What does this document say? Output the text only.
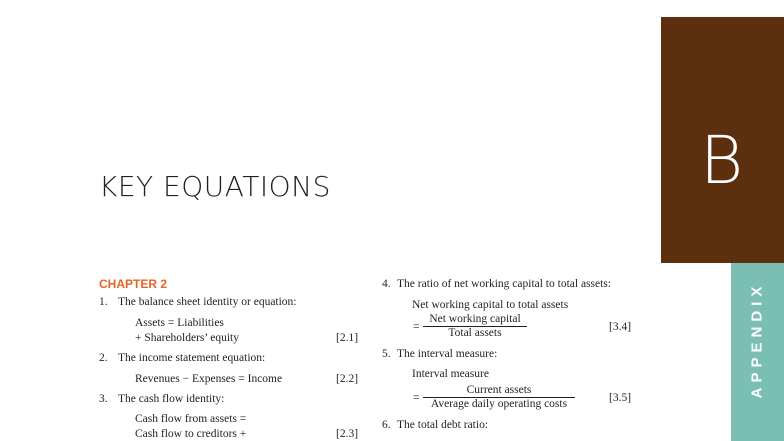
B
APPENDIX
KEY EQUATIONS
CHAPTER 2
1. The balance sheet identity or equation:
Assets = Liabilities
+ Shareholders’ equity	[2.1]
2. The income statement equation:
Revenues − Expenses = Income	[2.2]
3. The cash flow identity:
Cash flow from assets =
Cash flow to creditors +	[2.3]
4. The ratio of net working capital to total assets:
Net working capital to total assets
=
Net working capital
Total assets	[3.4]
5. The interval measure:
Interval measure
=
Current assets
Average daily operating costs	[3.5]
6. The total debt ratio:
